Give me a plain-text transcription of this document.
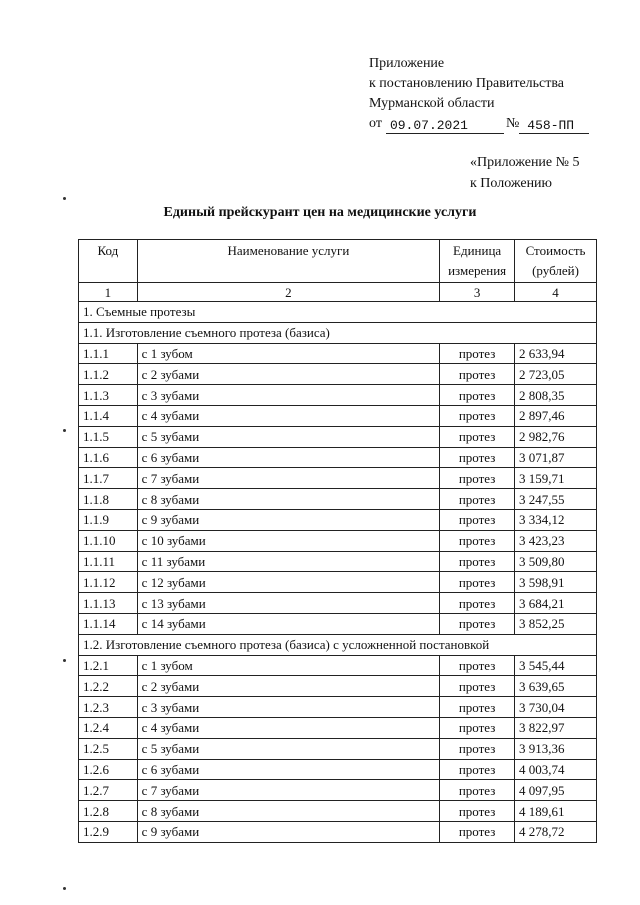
Приложение
к постановлению Правительства
Мурманской области
от 09.07.2021	№ 458-ПП
«Приложение № 5
к Положению
Единый прейскурант цен на медицинские услуги
Код	Наименование услуги	Единица измерения	Стоимость (рублей)
1	2	3	4
1. Съемные протезы			
1.1. Изготовление съемного протеза (базиса)			
1.1.1	с 1 зубом	протез	2 633,94
1.1.2	с 2 зубами	протез	2 723,05
1.1.3	с 3 зубами	протез	2 808,35
1.1.4	с 4 зубами	протез	2 897,46
1.1.5	с 5 зубами	протез	2 982,76
1.1.6	с 6 зубами	протез	3 071,87
1.1.7	с 7 зубами	протез	3 159,71
1.1.8	с 8 зубами	протез	3 247,55
1.1.9	с 9 зубами	протез	3 334,12
1.1.10	с 10 зубами	протез	3 423,23
1.1.11	с 11 зубами	протез	3 509,80
1.1.12	с 12 зубами	протез	3 598,91
1.1.13	с 13 зубами	протез	3 684,21
1.1.14	с 14 зубами	протез	3 852,25
1.2. Изготовление съемного протеза (базиса) с усложненной постановкой			
1.2.1	с 1 зубом	протез	3 545,44
1.2.2	с 2 зубами	протез	3 639,65
1.2.3	с 3 зубами	протез	3 730,04
1.2.4	с 4 зубами	протез	3 822,97
1.2.5	с 5 зубами	протез	3 913,36
1.2.6	с 6 зубами	протез	4 003,74
1.2.7	с 7 зубами	протез	4 097,95
1.2.8	с 8 зубами	протез	4 189,61
1.2.9	с 9 зубами	протез	4 278,72
